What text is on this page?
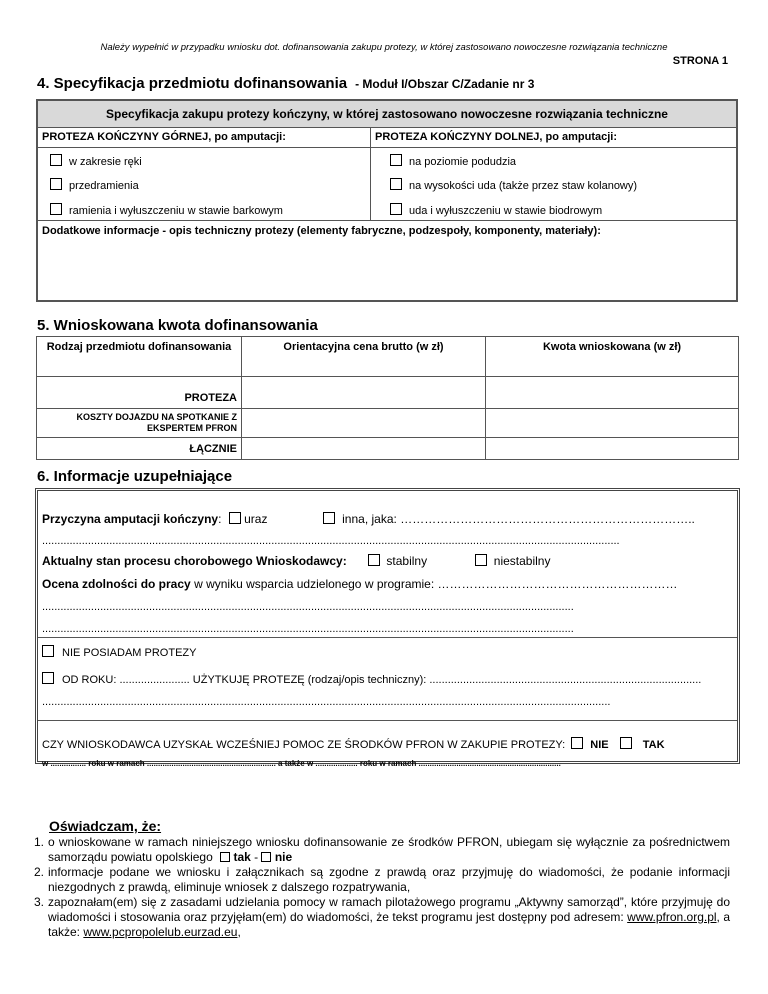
Należy wypełnić w przypadku wniosku dot. dofinansowania zakupu protezy, w której zastosowano nowoczesne rozwiązania techniczne
STRONA 1
4. Specyfikacja przedmiotu dofinansowania - Moduł I/Obszar C/Zadanie nr 3
Specyfikacja zakupu protezy kończyny, w której zastosowano nowoczesne rozwiązania techniczne
PROTEZA KOŃCZYNY GÓRNEJ, po amputacji:	PROTEZA KOŃCZYNY DOLNEJ, po amputacji:
w zakresie ręki
przedramienia
ramienia i wyłuszczeniu w stawie barkowym
na poziomie podudzia
na wysokości uda (także przez staw kolanowy)
uda i wyłuszczeniu w stawie biodrowym
Dodatkowe informacje - opis techniczny protezy (elementy fabryczne, podzespoły, komponenty, materiały):
5. Wnioskowana kwota dofinansowania
Rodzaj przedmiotu dofinansowania	Orientacyjna cena brutto (w zł)	Kwota wnioskowana (w zł)
PROTEZA		
KOSZTY DOJAZDU NA SPOTKANIE Z EKSPERTEM PFRON		
ŁĄCZNIE		
6. Informacje uzupełniające
Przyczyna amputacji kończyny: uraz	inna, jaka: ………………………………………………………………..
.............................................................................................................................................................................................
Aktualny stan procesu chorobowego Wnioskodawcy:	stabilny	niestabilny
Ocena zdolności do pracy w wyniku wsparcia udzielonego w programie: ……………………………………………………
..............................................................................................................................................................................
..............................................................................................................................................................................
NIE POSIADAM PROTEZY
OD ROKU: ....................... UŻYTKUJĘ PROTEZĘ (rodzaj/opis techniczny): .........................................................................................
..........................................................................................................................................................................................
CZY WNIOSKODAWCA UZYSKAŁ WCZEŚNIEJ POMOC ZE ŚRODKÓW PFRON W ZAKUPIE PROTEZY: NIE	TAK
w ................ roku w ramach .......................................................... a także w ................... roku w ramach ................................................................
Oświadczam, że:
1. o wnioskowane w ramach niniejszego wniosku dofinansowanie ze środków PFRON, ubiegam się wyłącznie za pośrednictwem samorządu powiatu opolskiego tak - nie
2. informacje podane we wniosku i załącznikach są zgodne z prawdą oraz przyjmuję do wiadomości, że podanie informacji niezgodnych z prawdą, eliminuje wniosek z dalszego rozpatrywania,
3. zapoznałam(em) się z zasadami udzielania pomocy w ramach pilotażowego programu „Aktywny samorząd”, które przyjmuję do wiadomości i stosowania oraz przyjęłam(em) do wiadomości, że tekst programu jest dostępny pod adresem: www.pfron.org.pl, a także: www.pcpropolelub.eurzad.eu,
